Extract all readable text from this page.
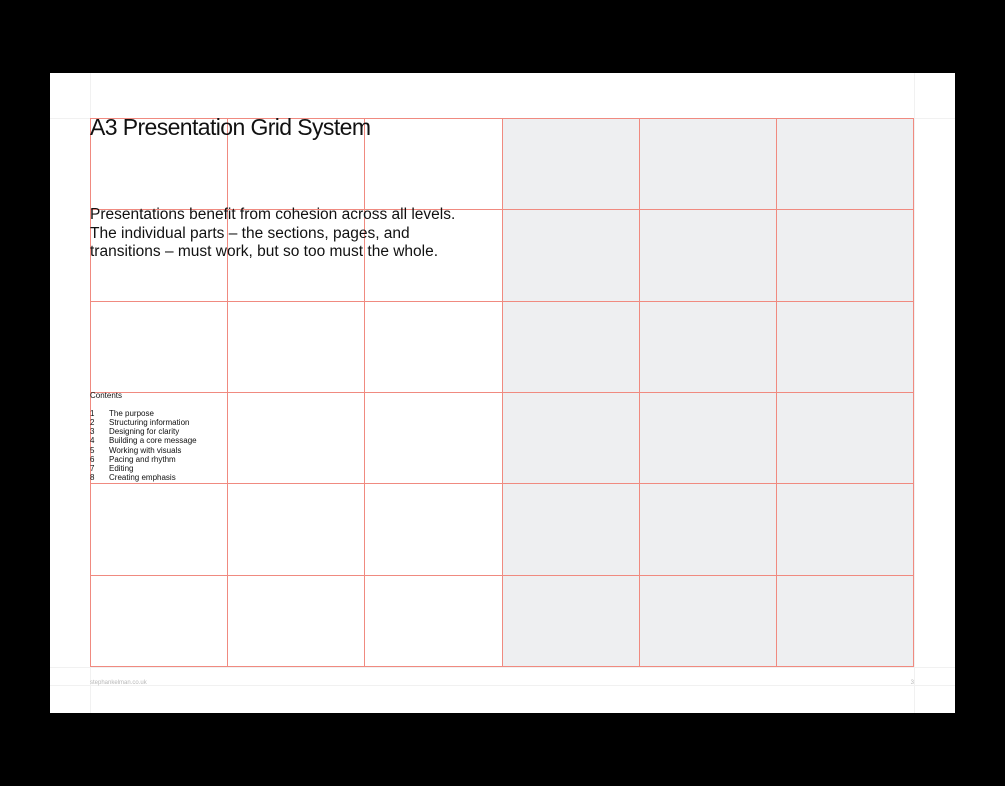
A3 Presentation Grid System

Presentations benefit from cohesion across all levels.
The individual parts – the sections, pages, and
transitions – must work, but so too must the whole.

Contents
1	The purpose
2	Structuring information
3	Designing for clarity
4	Building a core message
5	Working with visuals
6	Pacing and rhythm
7	Editing
8	Creating emphasis
stephankelman.co.uk	3
